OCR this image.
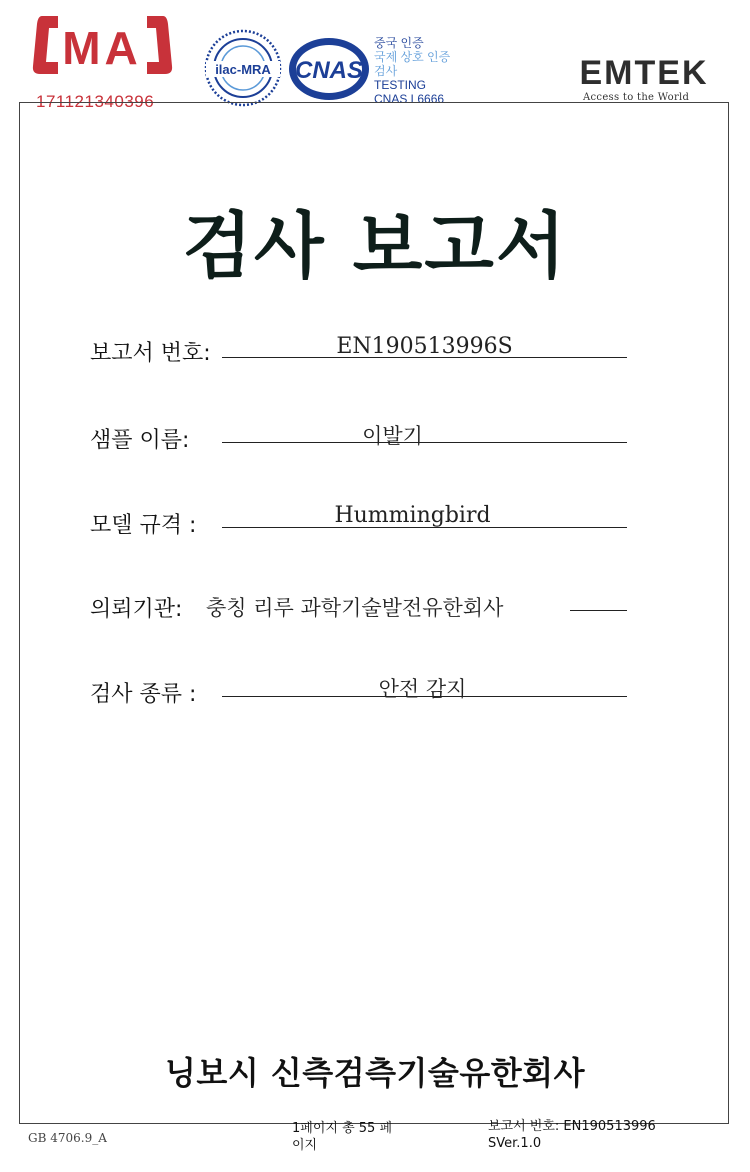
MA
171121340396
ilac-MRA CNAS
중국 인증
국제 상호 인증
검사
TESTING
CNAS L6666
EMTEK
Access to the World
검사 보고서
보고서 번호:	EN190513996S
샘플 이름:	이발기
모델 규격 :	Hummingbird
의뢰기관: 충칭 리루 과학기술발전유한회사
검사 종류 :	안전 감지
닝보시 신측검측기술유한회사
GB 4706.9_A
1페이지 총 55 페이지
보고서 번호: EN190513996
SVer.1.0
